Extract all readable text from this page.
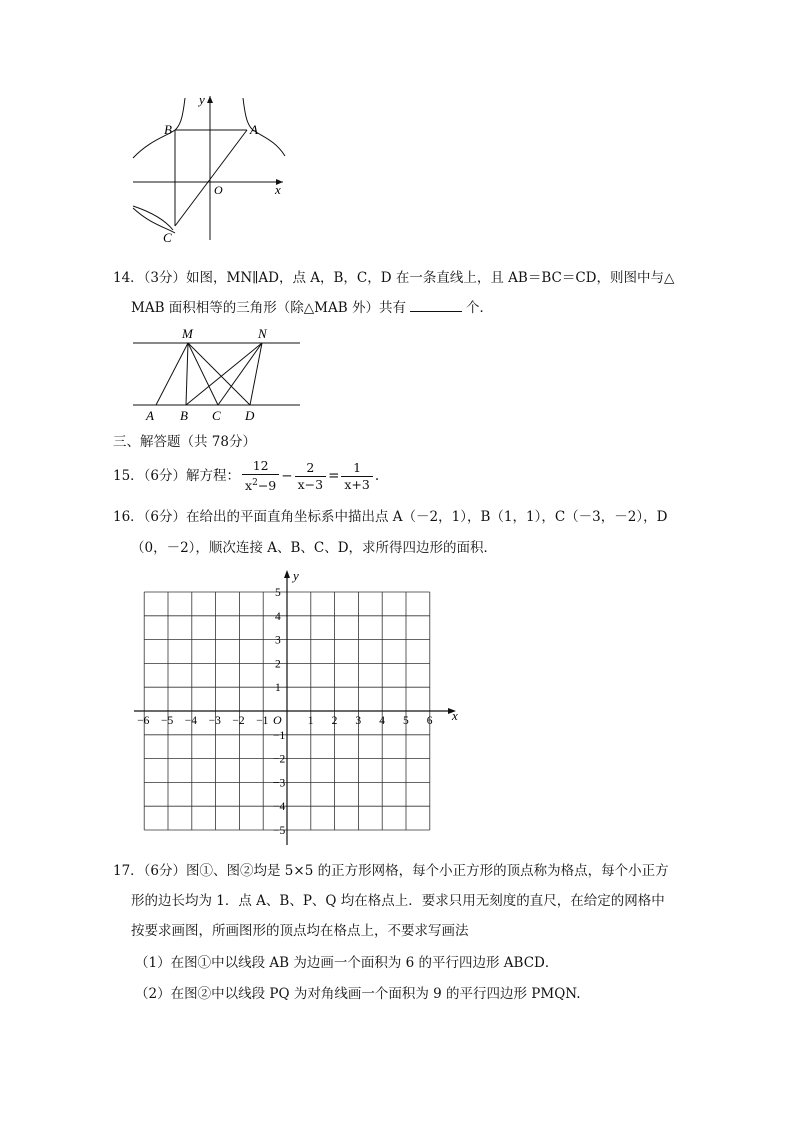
y
x
O
B	A
C
14．（3分）如图，MN∥AD，点 A，B，C，D 在一条直线上，且 AB＝BC＝CD，则图中与△
MAB 面积相等的三角形（除△MAB 外）共有	个．
M	N
A B C D
三、解答题（共 78分）
15．（6分）解方程： $\frac{12}{x^2-9} - \frac{2}{x-3} = \frac{1}{x+3}$ .
16．（6分）在给出的平面直角坐标系中描出点 A（－2，1），B（1，1），C（－3，－2），D
（0，－2），顺次连接 A、B、C、D，求所得四边形的面积．
x
y
O
−6 −5 −4 −3 −2 −1	1 2 3 4 5 6
5
4
3
2
1
−1
−2
−3
−4
−5
17．（6分）图①、图②均是 5×5 的正方形网格，每个小正方形的顶点称为格点，每个小正方
形的边长均为 1．点 A、B、P、Q 均在格点上．要求只用无刻度的直尺，在给定的网格中
按要求画图，所画图形的顶点均在格点上，不要求写画法
（1）在图①中以线段 AB 为边画一个面积为 6 的平行四边形 ABCD．
（2）在图②中以线段 PQ 为对角线画一个面积为 9 的平行四边形 PMQN.
